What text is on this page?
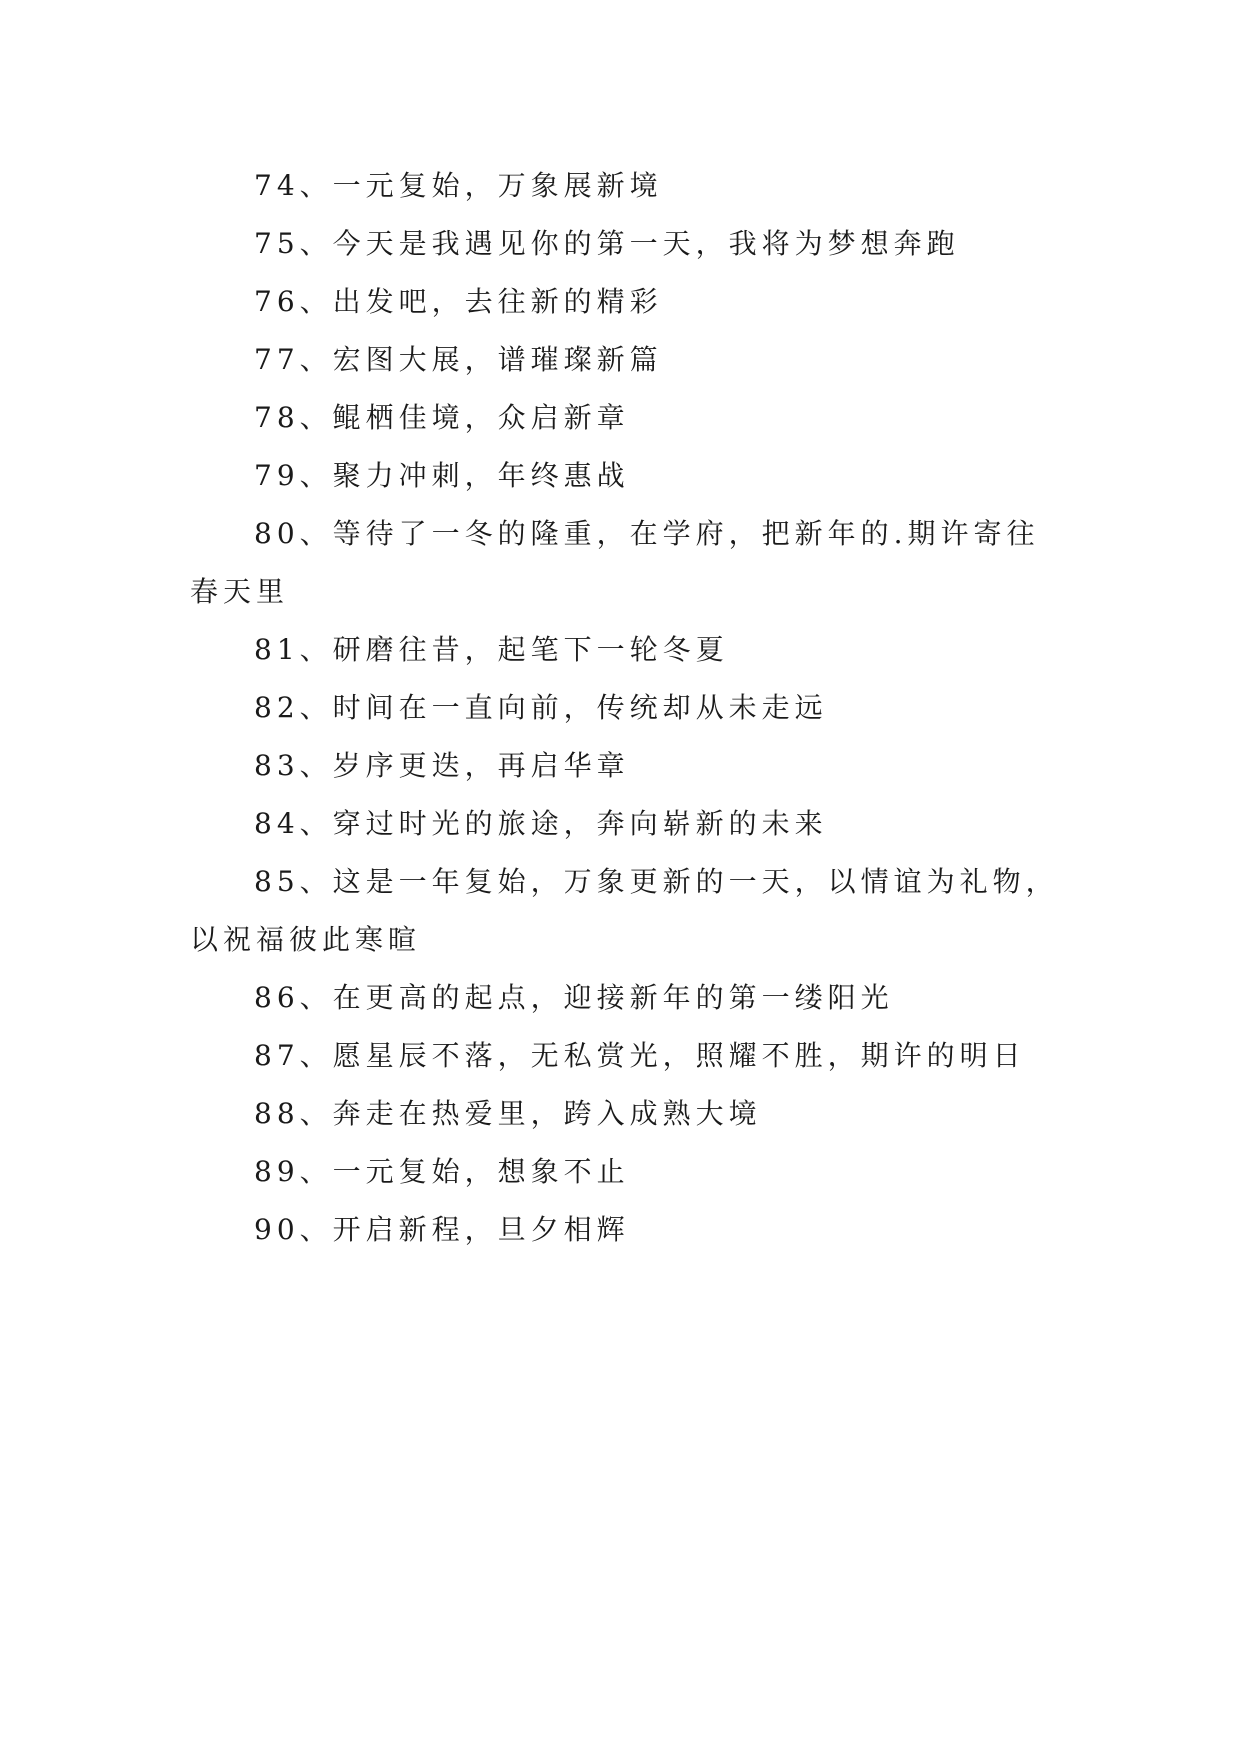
74、一元复始，万象展新境

75、今天是我遇见你的第一天，我将为梦想奔跑

76、出发吧，去往新的精彩

77、宏图大展，谱璀璨新篇

78、鲲栖佳境，众启新章

79、聚力冲刺，年终惠战

80、等待了一冬的隆重，在学府，把新年的.期许寄往春天里

81、研磨往昔，起笔下一轮冬夏

82、时间在一直向前，传统却从未走远

83、岁序更迭，再启华章

84、穿过时光的旅途，奔向崭新的未来

85、这是一年复始，万象更新的一天，以情谊为礼物，以祝福彼此寒暄

86、在更高的起点，迎接新年的第一缕阳光

87、愿星辰不落，无私赏光，照耀不胜，期许的明日

88、奔走在热爱里，跨入成熟大境

89、一元复始，想象不止

90、开启新程，旦夕相辉
